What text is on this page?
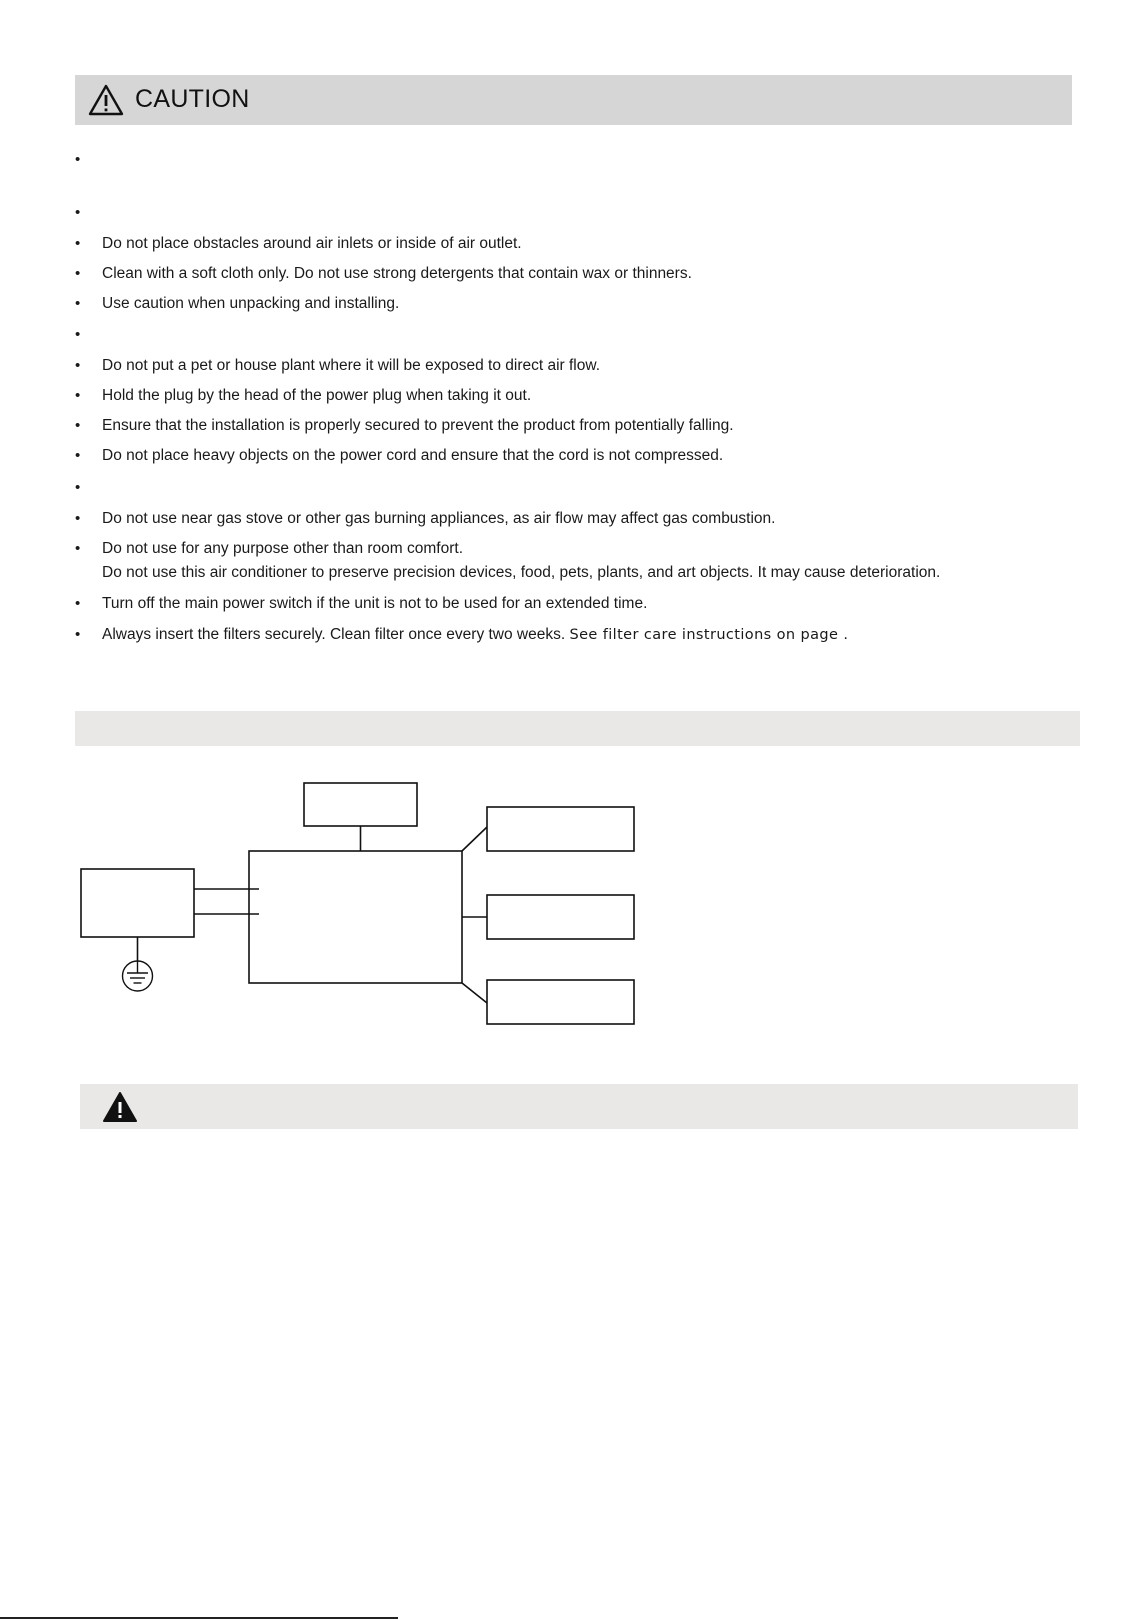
CAUTION
•
•
•	Do not place obstacles around air inlets or inside of air outlet.
•	Clean with a soft cloth only. Do not use strong detergents that contain wax or thinners.
•	Use caution when unpacking and installing.
•
•	Do not put a pet or house plant where it will be exposed to direct air flow.
•	Hold the plug by the head of the power plug when taking it out.
•	Ensure that the installation is properly secured to prevent the product from potentially falling.
•	Do not place heavy objects on the power cord and ensure that the cord is not compressed.
•
•	Do not use near gas stove or other gas burning appliances, as air flow may affect gas combustion.
•	Do not use for any purpose other than room comfort.
Do not use this air conditioner to preserve precision devices, food, pets, plants, and art objects. It may cause deterioration.
•	Turn off the main power switch if the unit is not to be used for an extended time.
•	Always insert the filters securely. Clean filter once every two weeks. See filter care instructions on page .
